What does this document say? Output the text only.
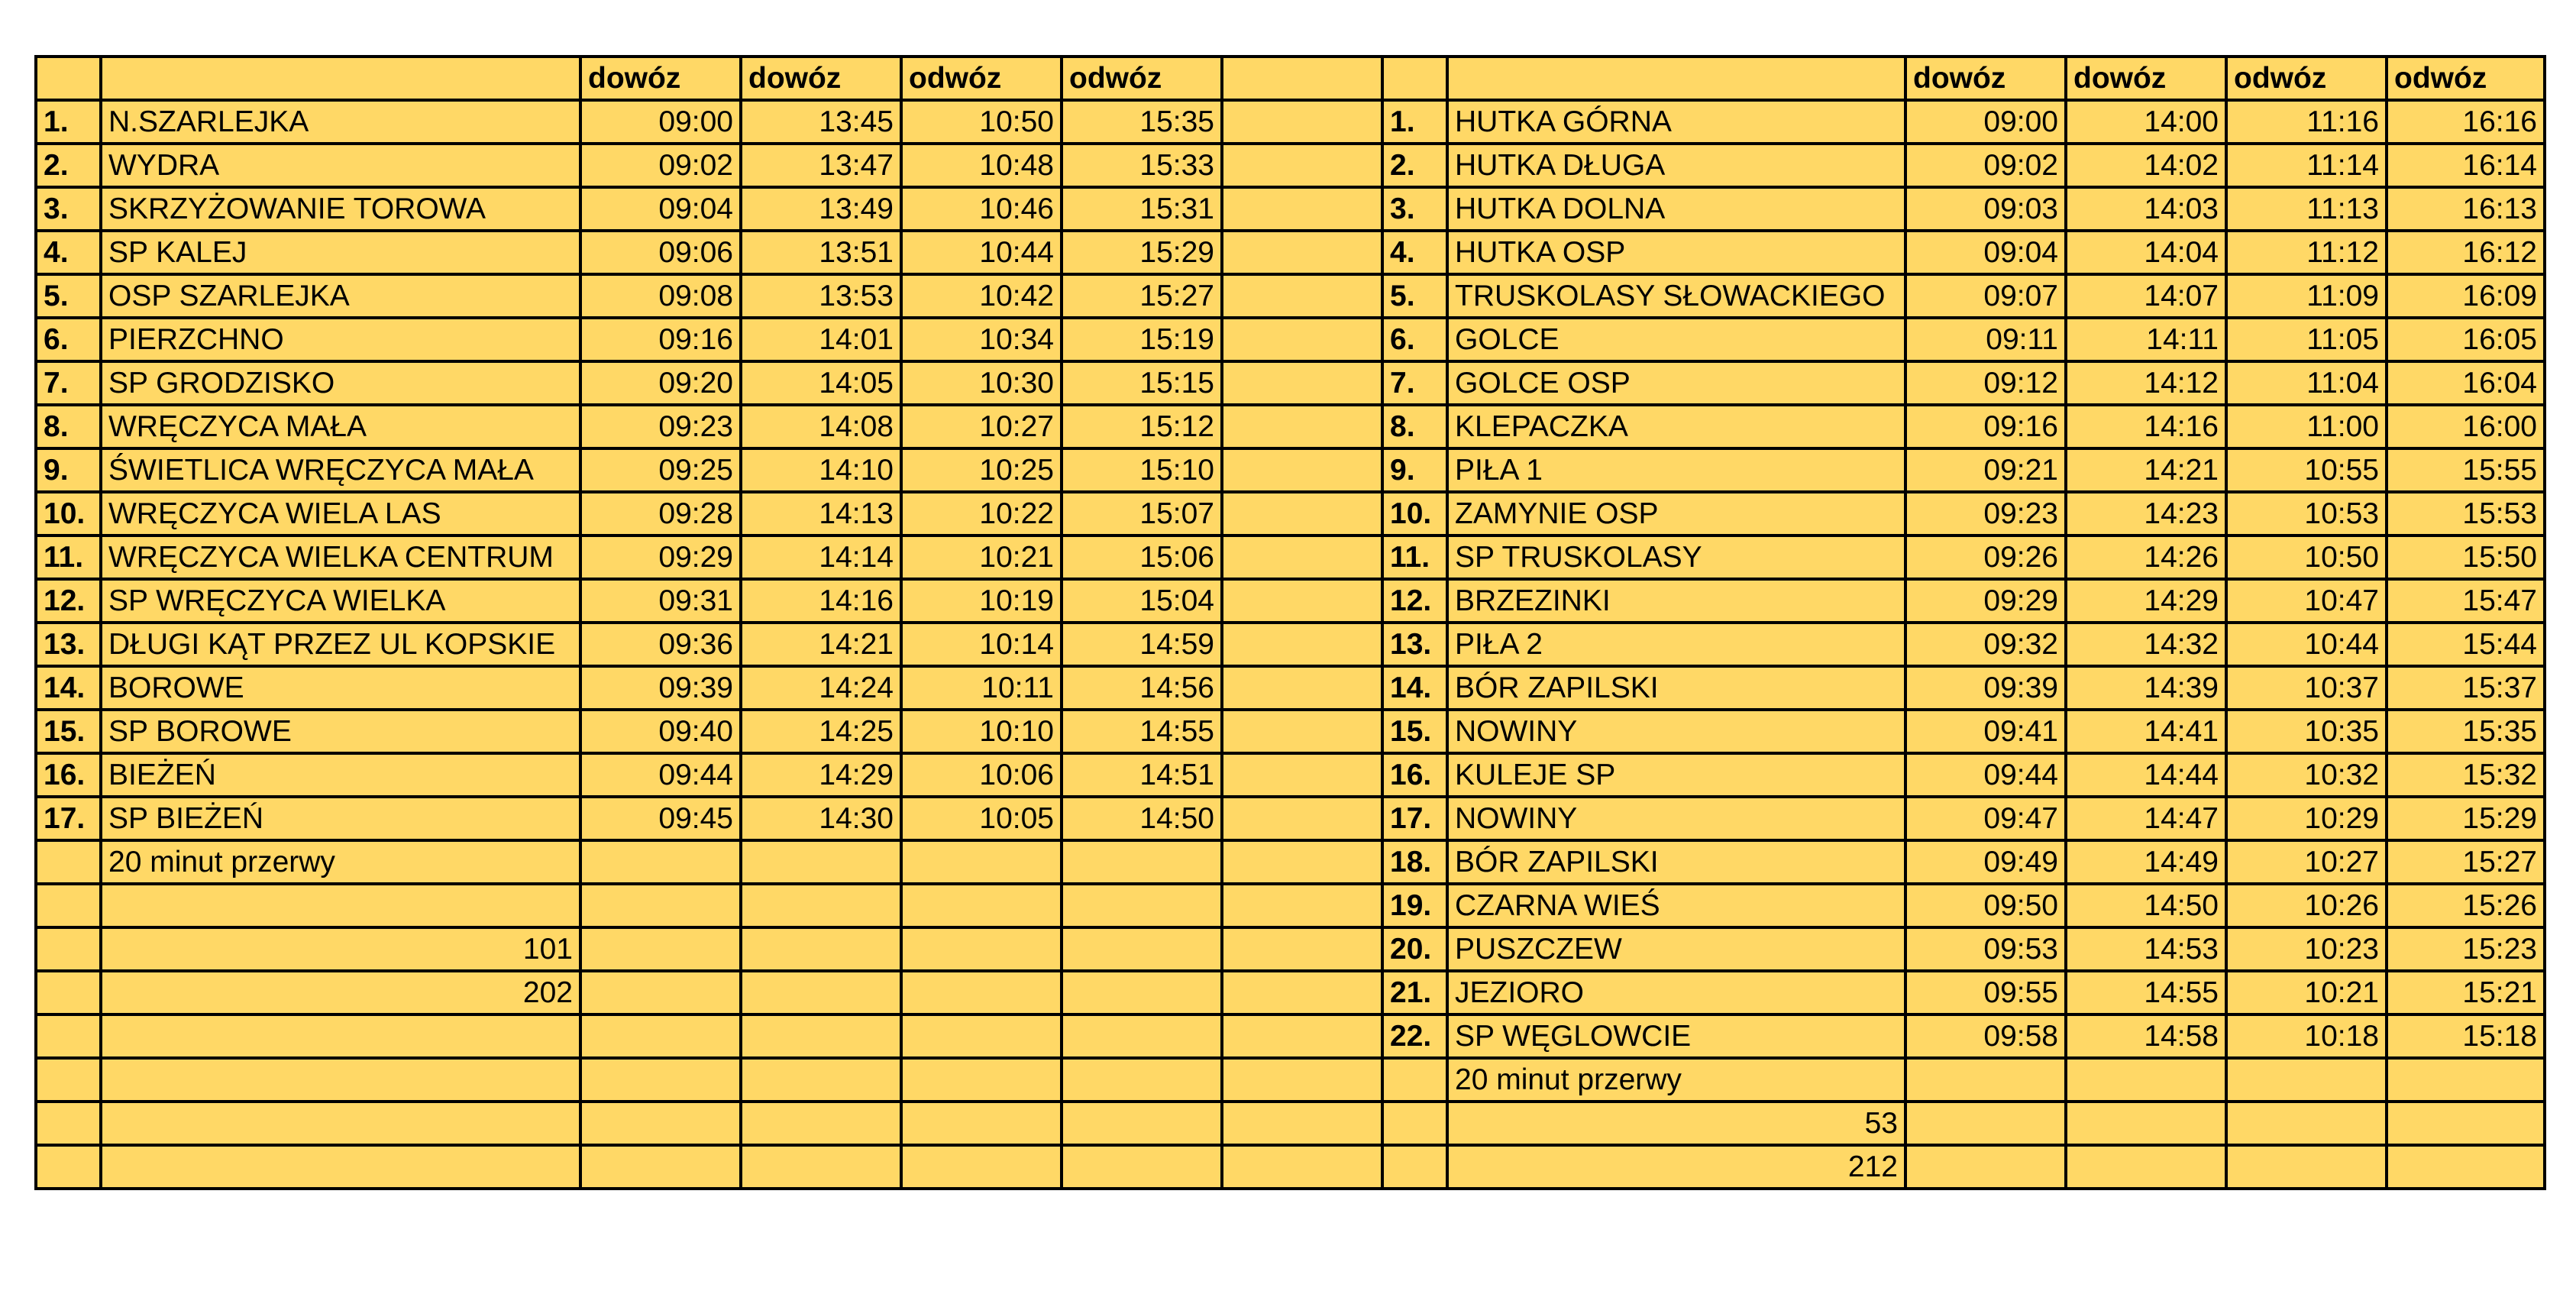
		dowóz	dowóz	odwóz	odwóz				dowóz	dowóz	odwóz	odwóz
1.	N.SZARLEJKA	09:00	13:45	10:50	15:35		1.	HUTKA GÓRNA	09:00	14:00	11:16	16:16
2.	WYDRA	09:02	13:47	10:48	15:33		2.	HUTKA DŁUGA	09:02	14:02	11:14	16:14
3.	SKRZYŻOWANIE TOROWA	09:04	13:49	10:46	15:31		3.	HUTKA DOLNA	09:03	14:03	11:13	16:13
4.	SP KALEJ	09:06	13:51	10:44	15:29		4.	HUTKA OSP	09:04	14:04	11:12	16:12
5.	OSP SZARLEJKA	09:08	13:53	10:42	15:27		5.	TRUSKOLASY SŁOWACKIEGO	09:07	14:07	11:09	16:09
6.	PIERZCHNO	09:16	14:01	10:34	15:19		6.	GOLCE	09:11	14:11	11:05	16:05
7.	SP GRODZISKO	09:20	14:05	10:30	15:15		7.	GOLCE OSP	09:12	14:12	11:04	16:04
8.	WRĘCZYCA MAŁA	09:23	14:08	10:27	15:12		8.	KLEPACZKA	09:16	14:16	11:00	16:00
9.	ŚWIETLICA WRĘCZYCA MAŁA	09:25	14:10	10:25	15:10		9.	PIŁA 1	09:21	14:21	10:55	15:55
10.	WRĘCZYCA WIELA LAS	09:28	14:13	10:22	15:07		10.	ZAMYNIE OSP	09:23	14:23	10:53	15:53
11.	WRĘCZYCA WIELKA CENTRUM	09:29	14:14	10:21	15:06		11.	SP TRUSKOLASY	09:26	14:26	10:50	15:50
12.	SP WRĘCZYCA WIELKA	09:31	14:16	10:19	15:04		12.	BRZEZINKI	09:29	14:29	10:47	15:47
13.	DŁUGI KĄT PRZEZ UL KOPSKIE	09:36	14:21	10:14	14:59		13.	PIŁA 2	09:32	14:32	10:44	15:44
14.	BOROWE	09:39	14:24	10:11	14:56		14.	BÓR ZAPILSKI	09:39	14:39	10:37	15:37
15.	SP BOROWE	09:40	14:25	10:10	14:55		15.	NOWINY	09:41	14:41	10:35	15:35
16.	BIEŻEŃ	09:44	14:29	10:06	14:51		16.	KULEJE SP	09:44	14:44	10:32	15:32
17.	SP BIEŻEŃ	09:45	14:30	10:05	14:50		17.	NOWINY	09:47	14:47	10:29	15:29
	20 minut przerwy						18.	BÓR ZAPILSKI	09:49	14:49	10:27	15:27
							19.	CZARNA WIEŚ	09:50	14:50	10:26	15:26
	101						20.	PUSZCZEW	09:53	14:53	10:23	15:23
	202						21.	JEZIORO	09:55	14:55	10:21	15:21
							22.	SP WĘGLOWCIE	09:58	14:58	10:18	15:18
								20 minut przerwy				
								53				
								212				
